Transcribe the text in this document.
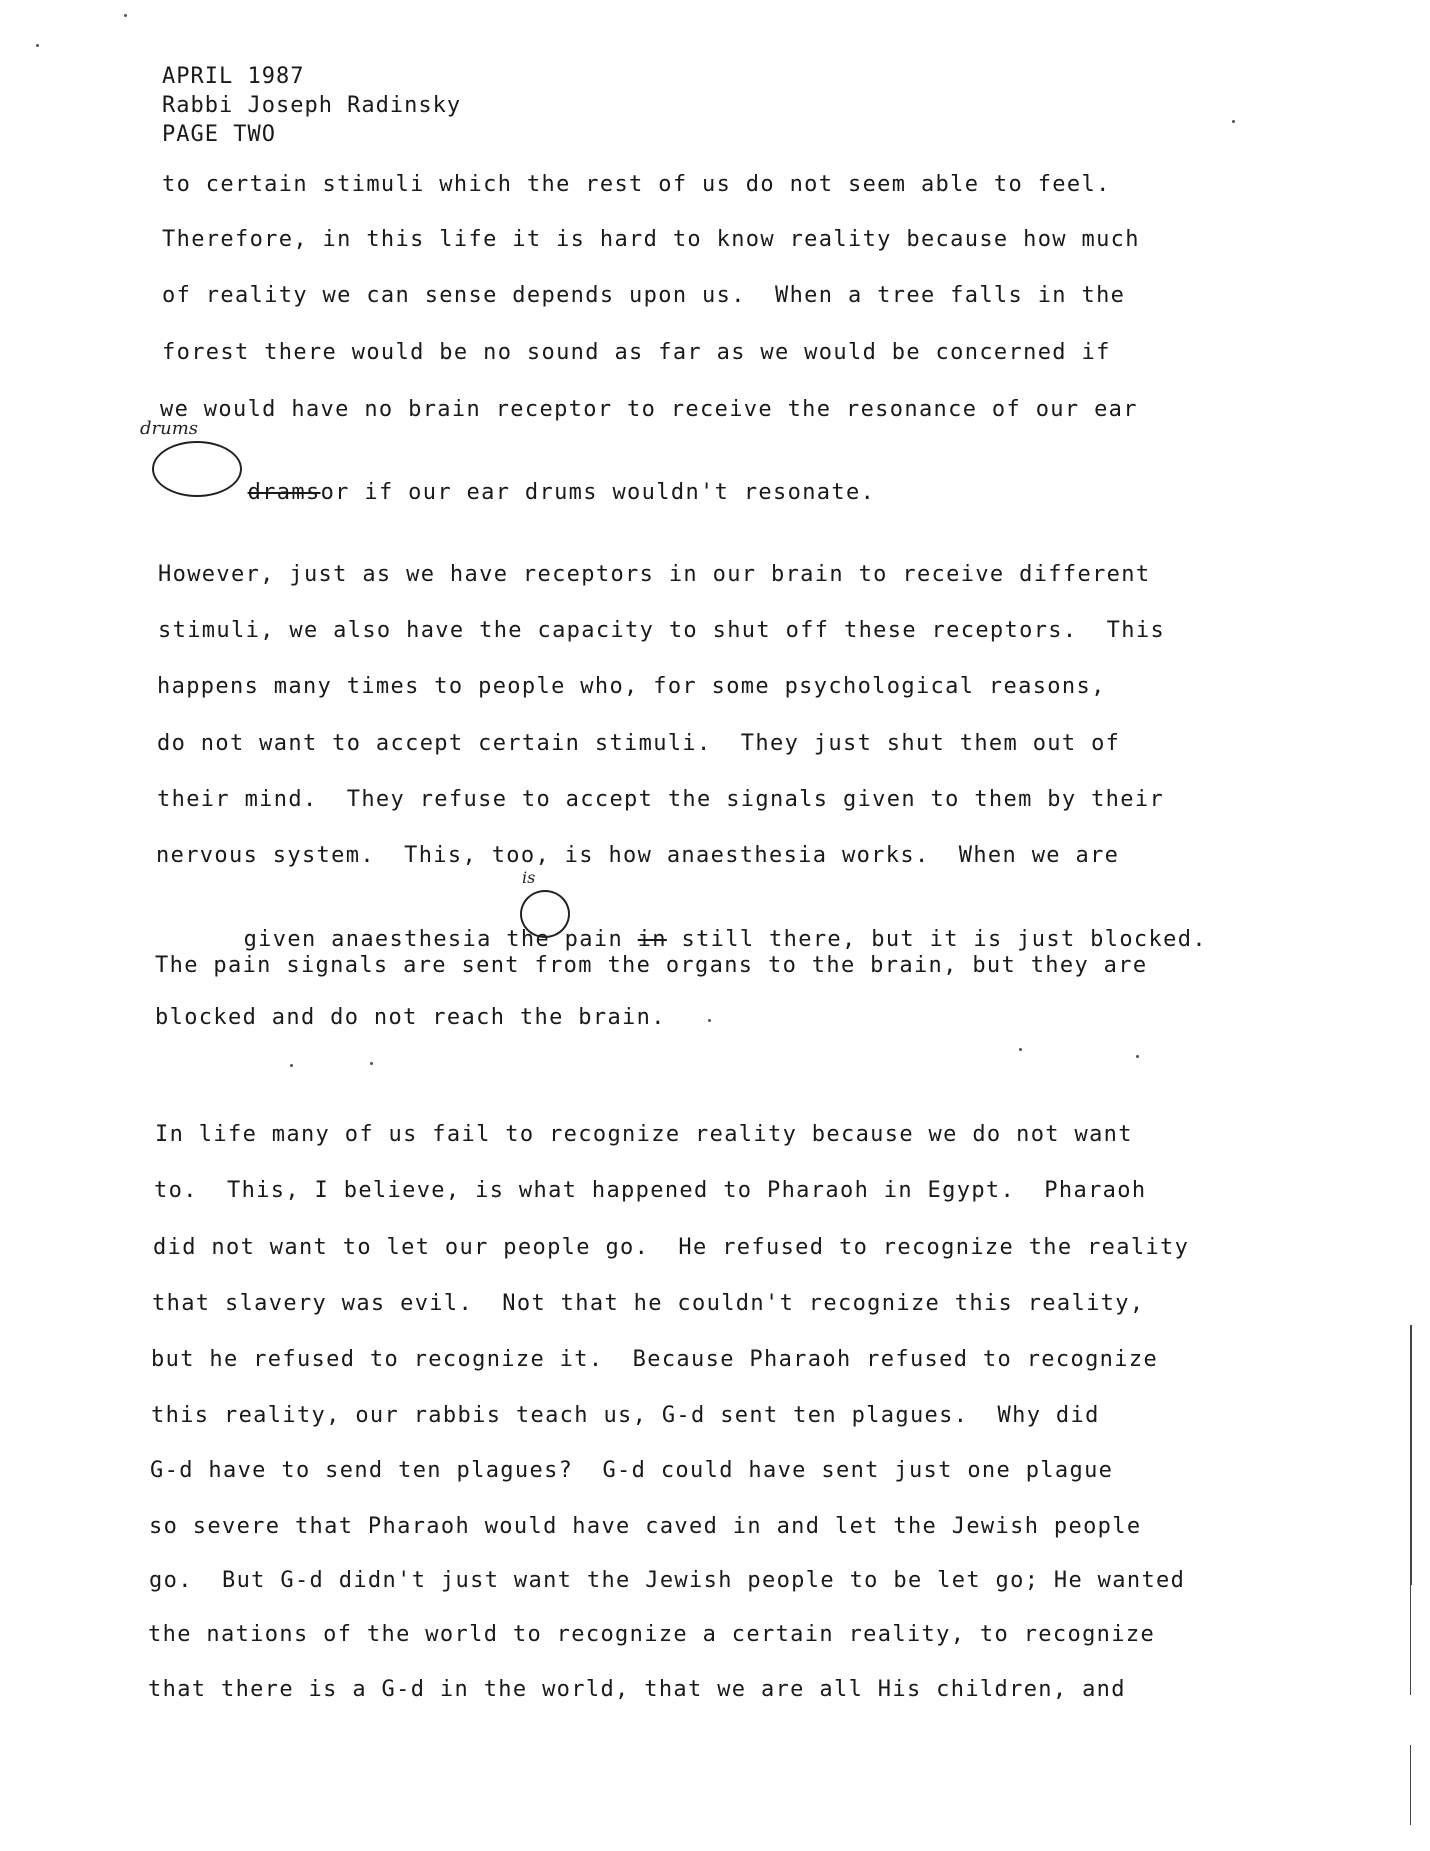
APRIL 1987
Rabbi Joseph Radinsky
PAGE TWO
to certain stimuli which the rest of us do not seem able to feel.
Therefore, in this life it is hard to know reality because how much
of reality we can sense depends upon us.  When a tree falls in the
forest there would be no sound as far as we would be concerned if
we would have no brain receptor to receive the resonance of our ear
drums

dramsor if our ear drums wouldn't resonate.

However, just as we have receptors in our brain to receive different
stimuli, we also have the capacity to shut off these receptors.  This
happens many times to people who, for some psychological reasons,
do not want to accept certain stimuli.  They just shut them out of
their mind.  They refuse to accept the signals given to them by their
nervous system.  This, too, is how anaesthesia works.  When we are
is

given anaesthesia the pain in still there, but it is just blocked.

The pain signals are sent from the organs to the brain, but they are
blocked and do not reach the brain.
In life many of us fail to recognize reality because we do not want
to.  This, I believe, is what happened to Pharaoh in Egypt.  Pharaoh
did not want to let our people go.  He refused to recognize the reality
that slavery was evil.  Not that he couldn't recognize this reality,
but he refused to recognize it.  Because Pharaoh refused to recognize
this reality, our rabbis teach us, G-d sent ten plagues.  Why did
G-d have to send ten plagues?  G-d could have sent just one plague
so severe that Pharaoh would have caved in and let the Jewish people
go.  But G-d didn't just want the Jewish people to be let go; He wanted
the nations of the world to recognize a certain reality, to recognize
that there is a G-d in the world, that we are all His children, and
